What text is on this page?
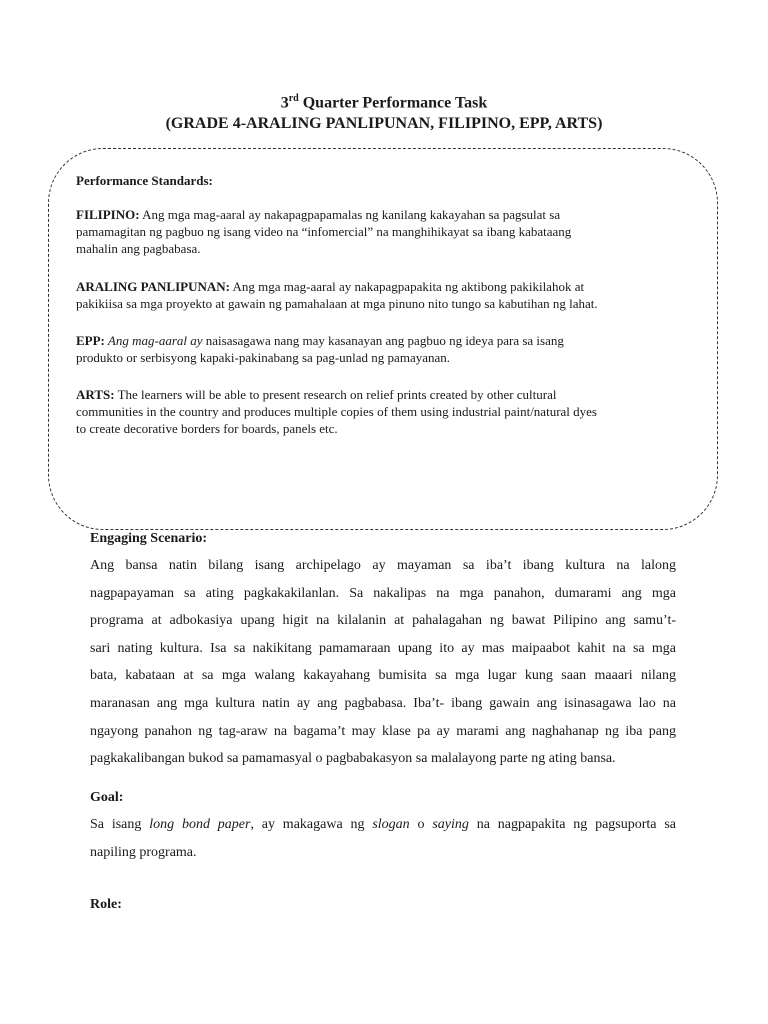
3rd Quarter Performance Task
(GRADE 4-ARALING PANLIPUNAN, FILIPINO, EPP, ARTS)
Performance Standards:
FILIPINO: Ang mga mag-aaral ay nakapagpapamalas ng kanilang kakayahan sa pagsulat sa
pamamagitan ng pagbuo ng isang video na “infomercial” na manghihikayat sa ibang kabataang
mahalin ang pagbabasa.
ARALING PANLIPUNAN: Ang mga mag-aaral ay nakapagpapakita ng aktibong pakikilahok at
pakikiisa sa mga proyekto at gawain ng pamahalaan at mga pinuno nito tungo sa kabutihan ng lahat.
EPP: Ang mag-aaral ay naisasagawa nang may kasanayan ang pagbuo ng ideya para sa isang
produkto or serbisyong kapaki-pakinabang sa pag-unlad ng pamayanan.
ARTS: The learners will be able to present research on relief prints created by other cultural
communities in the country and produces multiple copies of them using industrial paint/natural dyes
to create decorative borders for boards, panels etc.
Engaging Scenario:
Ang bansa natin bilang isang archipelago ay mayaman sa iba’t ibang kultura na lalong
nagpapayaman sa ating pagkakakilanlan. Sa nakalipas na mga panahon, dumarami ang mga
programa at adbokasiya upang higit na kilalanin at pahalagahan ng bawat Pilipino ang samu’t-
sari nating kultura. Isa sa nakikitang pamamaraan upang ito ay mas maipaabot kahit na sa mga
bata, kabataan at sa mga walang kakayahang bumisita sa mga lugar kung saan maaari nilang
maranasan ang mga kultura natin ay ang pagbabasa. Iba’t- ibang gawain ang isinasagawa lao na
ngayong panahon ng tag-araw na bagama’t may klase pa ay marami ang naghahanap ng iba pang
pagkakalibangan bukod sa pamamasyal o pagbabakasyon sa malalayong parte ng ating bansa.
Goal:
Sa isang long bond paper, ay makagawa ng slogan o saying na nagpapakita ng pagsuporta sa
napiling programa.
Role:
